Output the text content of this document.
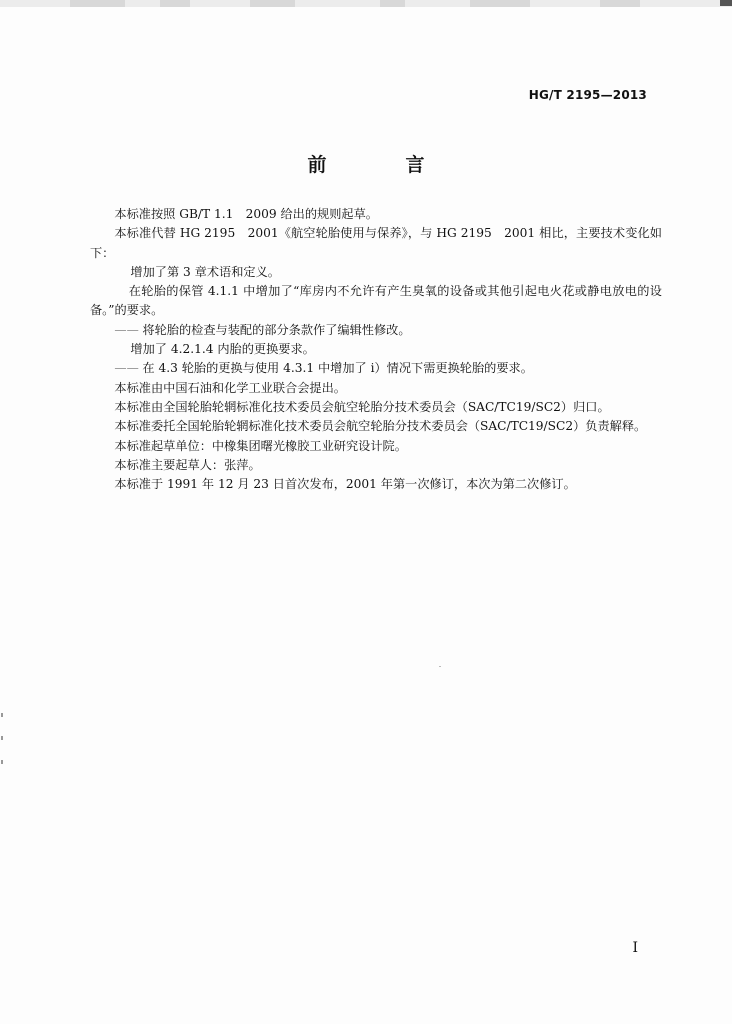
HG/T 2195—2013
前　言

本标准按照 GB/T 1.1　2009 给出的规则起草。

本标准代替 HG 2195　2001《航空轮胎使用与保养》，与 HG 2195　2001 相比，主要技术变化如下：

增加了第 3 章术语和定义。

在轮胎的保管 4.1.1 中增加了“库房内不允许有产生臭氧的设备或其他引起电火花或静电放电的设备。”的要求。

—— 将轮胎的检查与装配的部分条款作了编辑性修改。

增加了 4.2.1.4 内胎的更换要求。

—— 在 4.3 轮胎的更换与使用 4.3.1 中增加了 i）情况下需更换轮胎的要求。

本标准由中国石油和化学工业联合会提出。

本标准由全国轮胎轮辋标准化技术委员会航空轮胎分技术委员会（SAC/TC19/SC2）归口。

本标准委托全国轮胎轮辋标准化技术委员会航空轮胎分技术委员会（SAC/TC19/SC2）负责解释。

本标准起草单位：中橡集团曙光橡胶工业研究设计院。

本标准主要起草人：张萍。

本标准于 1991 年 12 月 23 日首次发布，2001 年第一次修订，本次为第二次修订。

I
